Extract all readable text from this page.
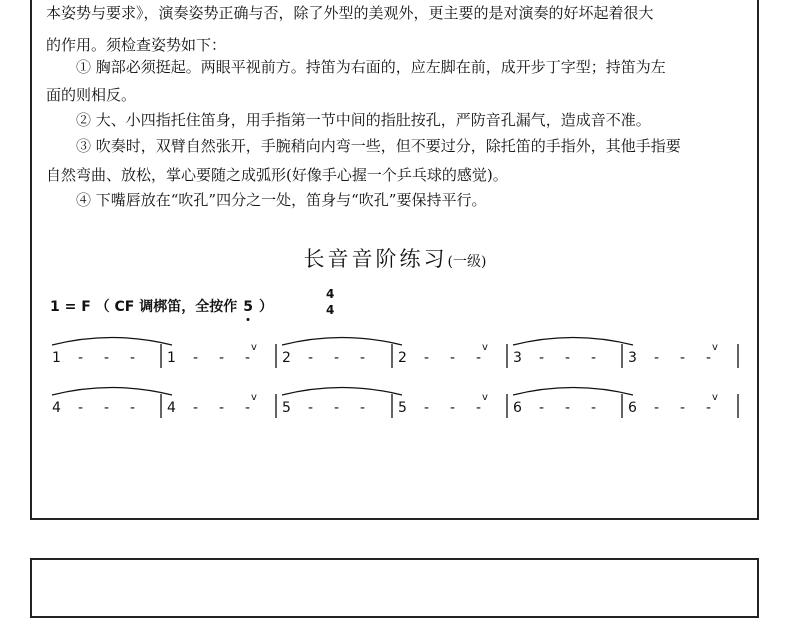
本姿势与要求》，演奏姿势正确与否，除了外型的美观外，更主要的是对演奏的好坏起着很大
的作用。须检查姿势如下：
① 胸部必须挺起。两眼平视前方。持笛为右面的，应左脚在前，成开步丁字型；持笛为左
面的则相反。
② 大、小四指托住笛身，用手指第一节中间的指肚按孔，严防音孔漏气，造成音不准。
③ 吹奏时，双臂自然张开，手腕稍向内弯一些，但不要过分，除托笛的手指外，其他手指要
自然弯曲、放松，掌心要随之成弧形(好像手心握一个乒乓球的感觉)。
④ 下嘴唇放在“吹孔”四分之一处，笛身与“吹孔”要保持平行。
长音音阶练习(一级)
1 = F （ CF 调梆笛，全按作 5 ）
4
4
1 - - - 1 - - -
v
2 - - - 2 - - -
v
3 - - - 3 - - -
v
4 - - - 4 - - -
v
5 - - - 5 - - -
v
6 - - - 6 - - -
v
